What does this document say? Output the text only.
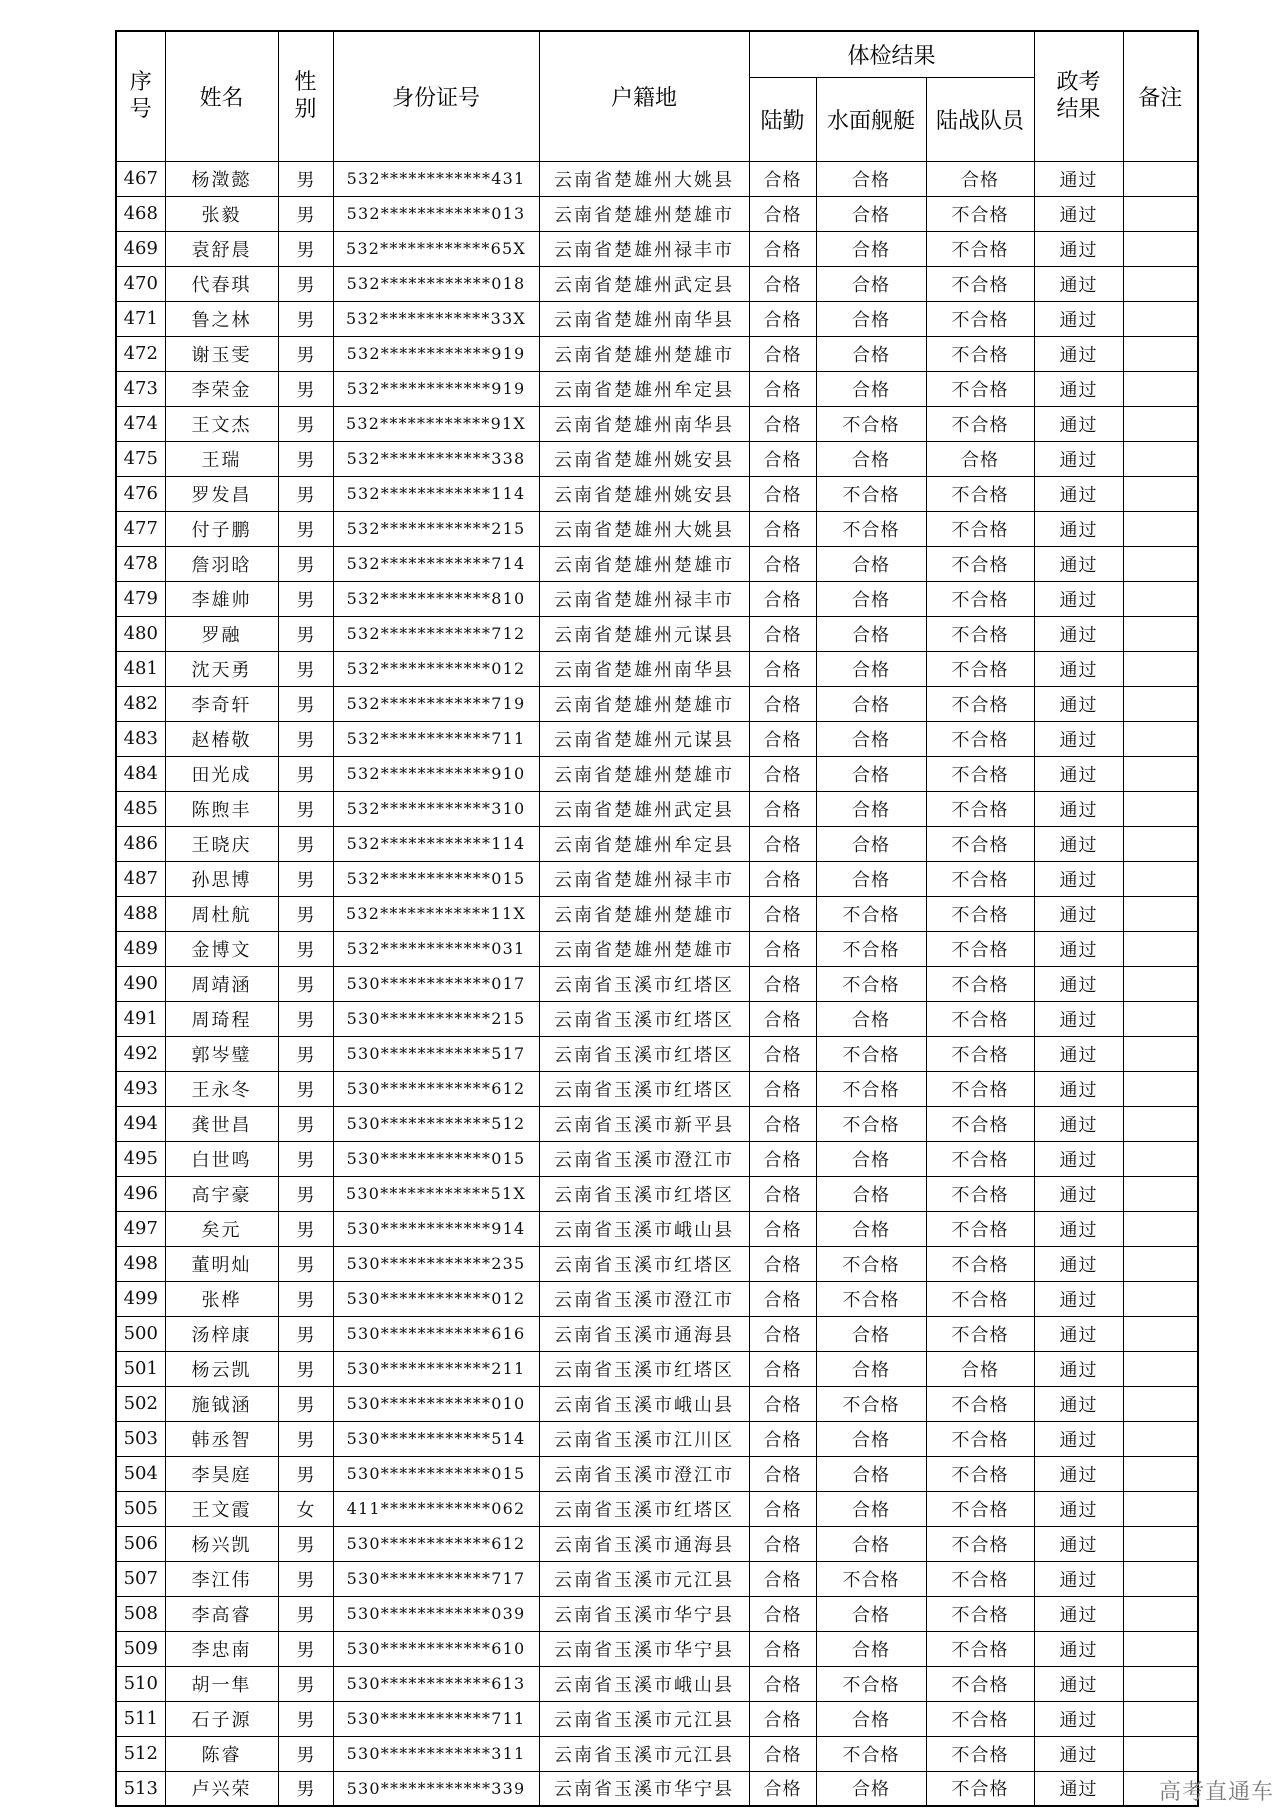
序号	姓名	性别	身份证号	户籍地	体检结果			政考结果	备注
					陆勤	水面舰艇	陆战队员		
467	杨澂懿	男	532************431	云南省楚雄州大姚县	合格	合格	合格	通过	
468	张毅	男	532************013	云南省楚雄州楚雄市	合格	合格	不合格	通过	
469	袁舒晨	男	532************65X	云南省楚雄州禄丰市	合格	合格	不合格	通过	
470	代春琪	男	532************018	云南省楚雄州武定县	合格	合格	不合格	通过	
471	鲁之林	男	532************33X	云南省楚雄州南华县	合格	合格	不合格	通过	
472	谢玉雯	男	532************919	云南省楚雄州楚雄市	合格	合格	不合格	通过	
473	李荣金	男	532************919	云南省楚雄州牟定县	合格	合格	不合格	通过	
474	王文杰	男	532************91X	云南省楚雄州南华县	合格	不合格	不合格	通过	
475	王瑞	男	532************338	云南省楚雄州姚安县	合格	合格	合格	通过	
476	罗发昌	男	532************114	云南省楚雄州姚安县	合格	不合格	不合格	通过	
477	付子鹏	男	532************215	云南省楚雄州大姚县	合格	不合格	不合格	通过	
478	詹羽晗	男	532************714	云南省楚雄州楚雄市	合格	合格	不合格	通过	
479	李雄帅	男	532************810	云南省楚雄州禄丰市	合格	合格	不合格	通过	
480	罗融	男	532************712	云南省楚雄州元谋县	合格	合格	不合格	通过	
481	沈天勇	男	532************012	云南省楚雄州南华县	合格	合格	不合格	通过	
482	李奇轩	男	532************719	云南省楚雄州楚雄市	合格	合格	不合格	通过	
483	赵椿敬	男	532************711	云南省楚雄州元谋县	合格	合格	不合格	通过	
484	田光成	男	532************910	云南省楚雄州楚雄市	合格	合格	不合格	通过	
485	陈煦丰	男	532************310	云南省楚雄州武定县	合格	合格	不合格	通过	
486	王晓庆	男	532************114	云南省楚雄州牟定县	合格	合格	不合格	通过	
487	孙思博	男	532************015	云南省楚雄州禄丰市	合格	合格	不合格	通过	
488	周杜航	男	532************11X	云南省楚雄州楚雄市	合格	不合格	不合格	通过	
489	金博文	男	532************031	云南省楚雄州楚雄市	合格	不合格	不合格	通过	
490	周靖涵	男	530************017	云南省玉溪市红塔区	合格	不合格	不合格	通过	
491	周琦程	男	530************215	云南省玉溪市红塔区	合格	合格	不合格	通过	
492	郭岑璧	男	530************517	云南省玉溪市红塔区	合格	不合格	不合格	通过	
493	王永冬	男	530************612	云南省玉溪市红塔区	合格	不合格	不合格	通过	
494	龚世昌	男	530************512	云南省玉溪市新平县	合格	不合格	不合格	通过	
495	白世鸣	男	530************015	云南省玉溪市澄江市	合格	合格	不合格	通过	
496	高宇豪	男	530************51X	云南省玉溪市红塔区	合格	合格	不合格	通过	
497	矣元	男	530************914	云南省玉溪市峨山县	合格	合格	不合格	通过	
498	董明灿	男	530************235	云南省玉溪市红塔区	合格	不合格	不合格	通过	
499	张桦	男	530************012	云南省玉溪市澄江市	合格	不合格	不合格	通过	
500	汤梓康	男	530************616	云南省玉溪市通海县	合格	合格	不合格	通过	
501	杨云凯	男	530************211	云南省玉溪市红塔区	合格	合格	合格	通过	
502	施钺涵	男	530************010	云南省玉溪市峨山县	合格	不合格	不合格	通过	
503	韩丞智	男	530************514	云南省玉溪市江川区	合格	合格	不合格	通过	
504	李昊庭	男	530************015	云南省玉溪市澄江市	合格	合格	不合格	通过	
505	王文霞	女	411************062	云南省玉溪市红塔区	合格	合格	不合格	通过	
506	杨兴凯	男	530************612	云南省玉溪市通海县	合格	合格	不合格	通过	
507	李江伟	男	530************717	云南省玉溪市元江县	合格	不合格	不合格	通过	
508	李高睿	男	530************039	云南省玉溪市华宁县	合格	合格	不合格	通过	
509	李忠南	男	530************610	云南省玉溪市华宁县	合格	合格	不合格	通过	
510	胡一隼	男	530************613	云南省玉溪市峨山县	合格	不合格	不合格	通过	
511	石子源	男	530************711	云南省玉溪市元江县	合格	合格	不合格	通过	
512	陈睿	男	530************311	云南省玉溪市元江县	合格	不合格	不合格	通过	
513	卢兴荣	男	530************339	云南省玉溪市华宁县	合格	合格	不合格	通过		高考直通车
